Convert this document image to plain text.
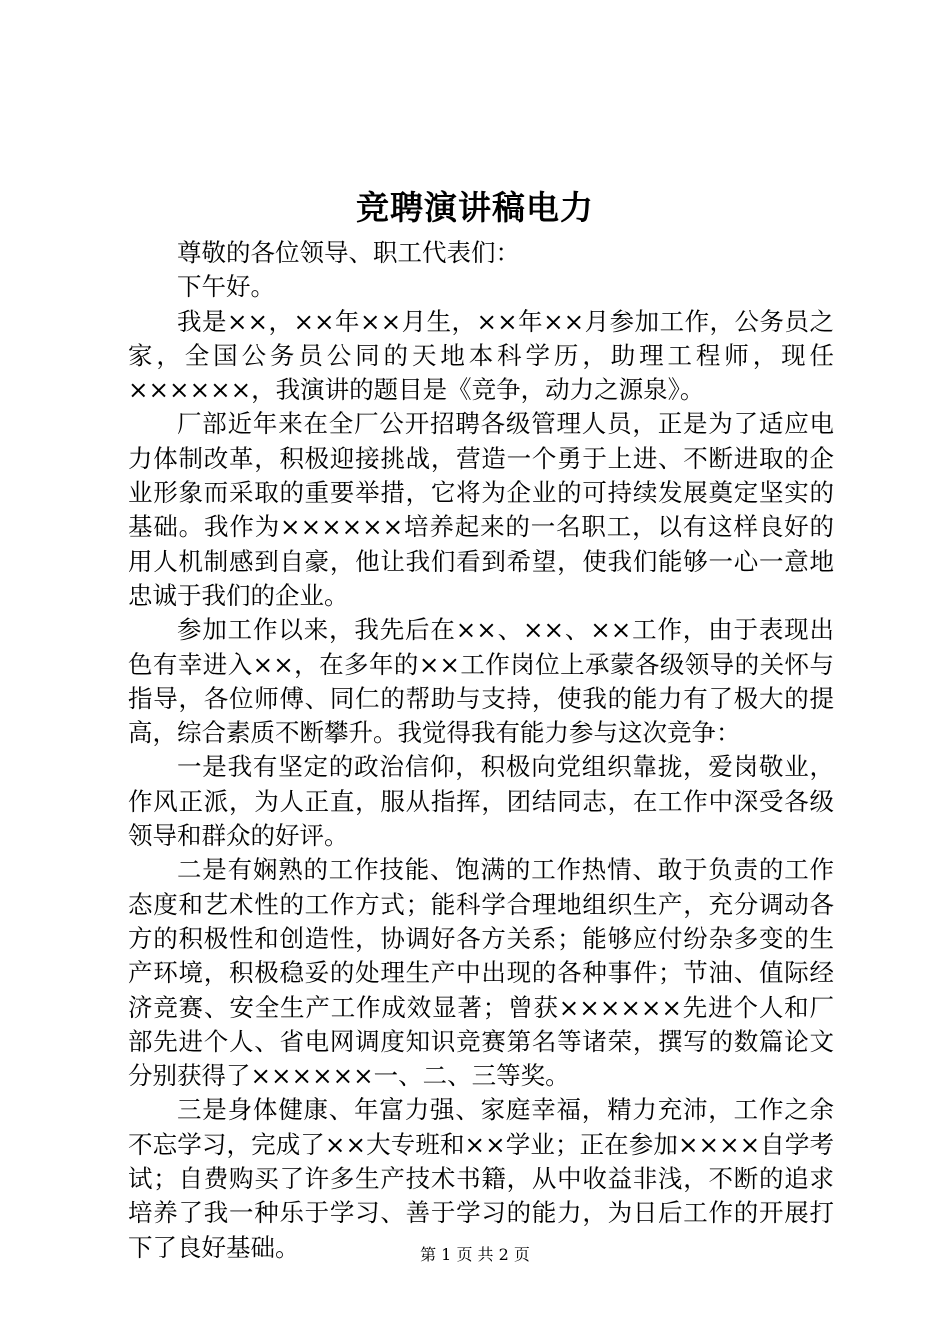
竞聘演讲稿电力

尊敬的各位领导、职工代表们：

下午好。

我是××，××年××月生，××年××月参加工作，公务员之家，全国公务员公同的天地本科学历，助理工程师，现任××××××，我演讲的题目是《竞争，动力之源泉》。

厂部近年来在全厂公开招聘各级管理人员，正是为了适应电力体制改革，积极迎接挑战，营造一个勇于上进、不断进取的企业形象而采取的重要举措，它将为企业的可持续发展奠定坚实的基础。我作为××××××培养起来的一名职工，以有这样良好的用人机制感到自豪，他让我们看到希望，使我们能够一心一意地忠诚于我们的企业。

参加工作以来，我先后在××、××、××工作，由于表现出色有幸进入××，在多年的××工作岗位上承蒙各级领导的关怀与指导，各位师傅、同仁的帮助与支持，使我的能力有了极大的提高，综合素质不断攀升。我觉得我有能力参与这次竞争：

一是我有坚定的政治信仰，积极向党组织靠拢，爱岗敬业，作风正派，为人正直，服从指挥，团结同志，在工作中深受各级领导和群众的好评。

二是有娴熟的工作技能、饱满的工作热情、敢于负责的工作态度和艺术性的工作方式；能科学合理地组织生产，充分调动各方的积极性和创造性，协调好各方关系；能够应付纷杂多变的生产环境，积极稳妥的处理生产中出现的各种事件；节油、值际经济竞赛、安全生产工作成效显著；曾获××××××先进个人和厂部先进个人、省电网调度知识竞赛第名等诸荣，撰写的数篇论文分别获得了××××××一、二、三等奖。

三是身体健康、年富力强、家庭幸福，精力充沛，工作之余不忘学习，完成了××大专班和××学业；正在参加××××自学考试；自费购买了许多生产技术书籍，从中收益非浅，不断的追求培养了我一种乐于学习、善于学习的能力，为日后工作的开展打下了良好基础。	第 1 页 共 2 页
